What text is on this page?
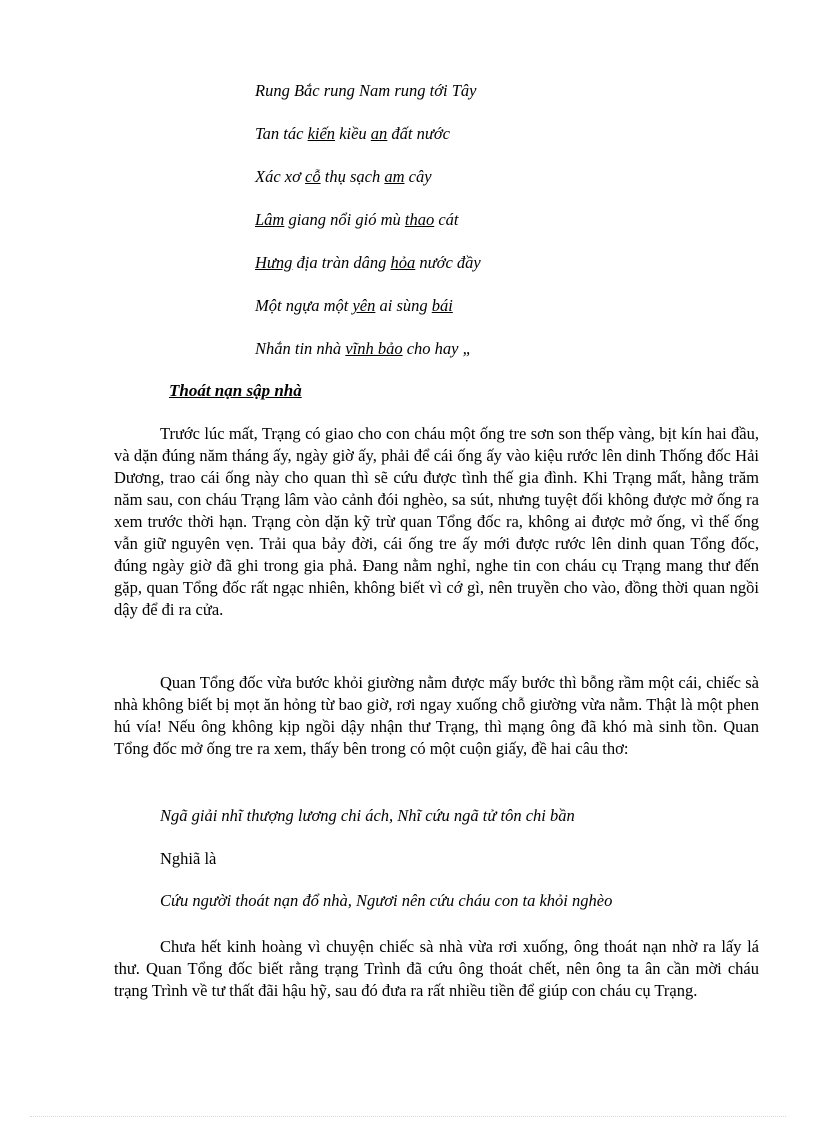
Rung Bắc rung Nam rung tới Tây
Tan tác kiến kiều an đất nước
Xác xơ cỗ thụ sạch am cây
Lâm giang nổi gió mù thao cát
Hưng địa tràn dâng hỏa nước đầy
Một ngựa một yên ai sùng bái
Nhắn tin nhà vĩnh bảo cho hay „
Thoát nạn sập nhà

Trước lúc mất, Trạng có giao cho con cháu một ống tre sơn son thếp vàng, bịt kín hai đầu, và dặn đúng năm tháng ấy, ngày giờ ấy, phải để cái ống ấy vào kiệu rước lên dinh Thống đốc Hải Dương, trao cái ống này cho quan thì sẽ cứu được tình thế gia đình. Khi Trạng mất, hằng trăm năm sau, con cháu Trạng lâm vào cảnh đói nghèo, sa sút, nhưng tuyệt đối không được mở ống ra xem trước thời hạn. Trạng còn dặn kỹ trừ quan Tổng đốc ra, không ai được mở ống, vì thế ống vẫn giữ nguyên vẹn. Trải qua bảy đời, cái ống tre ấy mới được rước lên dinh quan Tổng đốc, đúng ngày giờ đã ghi trong gia phả. Đang nằm nghỉ, nghe tin con cháu cụ Trạng mang thư đến gặp, quan Tổng đốc rất ngạc nhiên, không biết vì cớ gì, nên truyền cho vào, đồng thời quan ngồi dậy để đi ra cửa.

Quan Tổng đốc vừa bước khỏi giường nằm được mấy bước thì bỗng rầm một cái, chiếc sà nhà không biết bị mọt ăn hỏng từ bao giờ, rơi ngay xuống chỗ giường vừa nằm. Thật là một phen hú vía! Nếu ông không kịp ngồi dậy nhận thư Trạng, thì mạng ông đã khó mà sinh tồn. Quan Tổng đốc mở ống tre ra xem, thấy bên trong có một cuộn giấy, đề hai câu thơ:

Ngã giải nhĩ thượng lương chi ách, Nhĩ cứu ngã tử tôn chi bần
Nghiã là
Cứu người thoát nạn đổ nhà, Ngươi nên cứu cháu con ta khỏi nghèo

Chưa hết kinh hoàng vì chuyện chiếc sà nhà vừa rơi xuống, ông thoát nạn nhờ ra lấy lá thư. Quan Tổng đốc biết rằng trạng Trình đã cứu ông thoát chết, nên ông ta ân cần mời cháu trạng Trình về tư thất đãi hậu hỹ, sau đó đưa ra rất nhiều tiền để giúp con cháu cụ Trạng.
